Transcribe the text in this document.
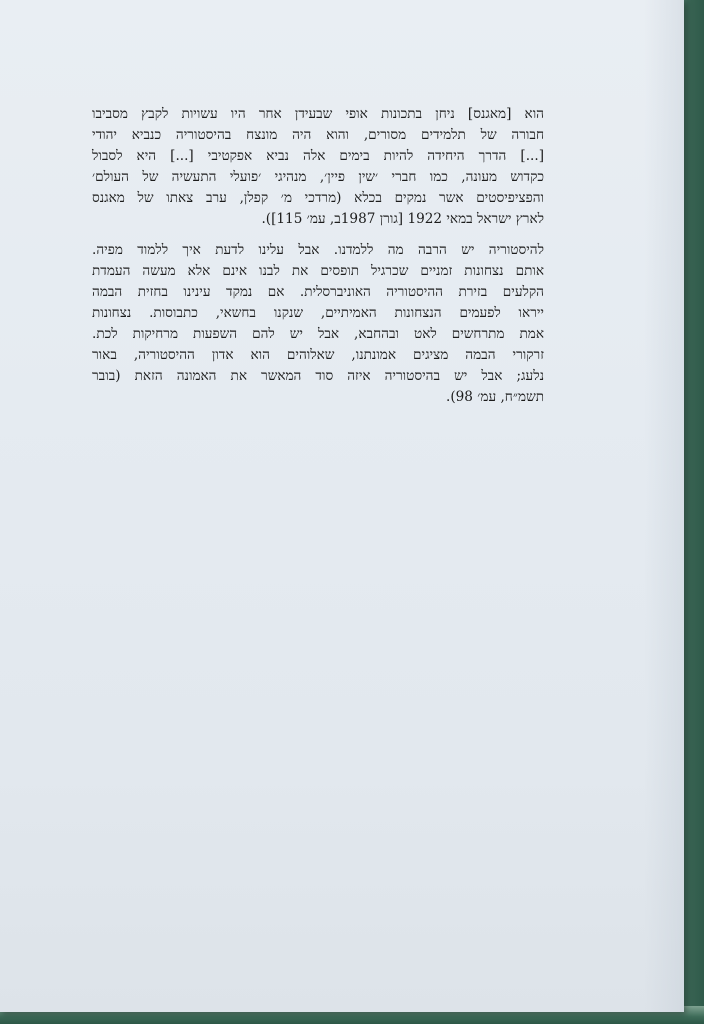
הוא [מאגנס] ניחן בתכונות אופי שבעידן אחר היו עשויות לקבץ מסביבו
חבורה של תלמידים מסורים, והוא היה מונצח בהיסטוריה כנביא יהודי
[...] הדרך היחידה להיות בימים אלה נביא אפקטיבי [...] היא לסבול
כקדוש מעונה, כמו חברי ׳שין פיין׳, מנהיגי ׳פועלי התעשיה של העולם׳
והפציפיסטים אשר נמקים בכלא (מרדכי מ׳ קפלן, ערב צאתו של מאגנס
לארץ ישראל במאי 1922 [גורן 1987ב, עמ׳ 115]).
להיסטוריה יש הרבה מה ללמדנו. אבל עלינו לדעת איך ללמוד מפיה.
אותם נצחונות זמניים שכרגיל תופסים את לבנו אינם אלא מעשה העמדת
הקלעים בזירת ההיסטוריה האוניברסלית. אם נמקד עינינו בחזית הבמה
ייראו לפעמים הנצחונות האמיתיים, שנקנו בחשאי, כתבוסות. נצחונות
אמת מתרחשים לאט ובהחבא, אבל יש להם השפעות מרחיקות לכת.
זרקורי הבמה מציגים אמונתנו, שאלוהים הוא אדון ההיסטוריה, באור
נלעג; אבל יש בהיסטוריה איזה סוד המאשר את האמונה הזאת (בובר
תשמ״ח, עמ׳ 98).
